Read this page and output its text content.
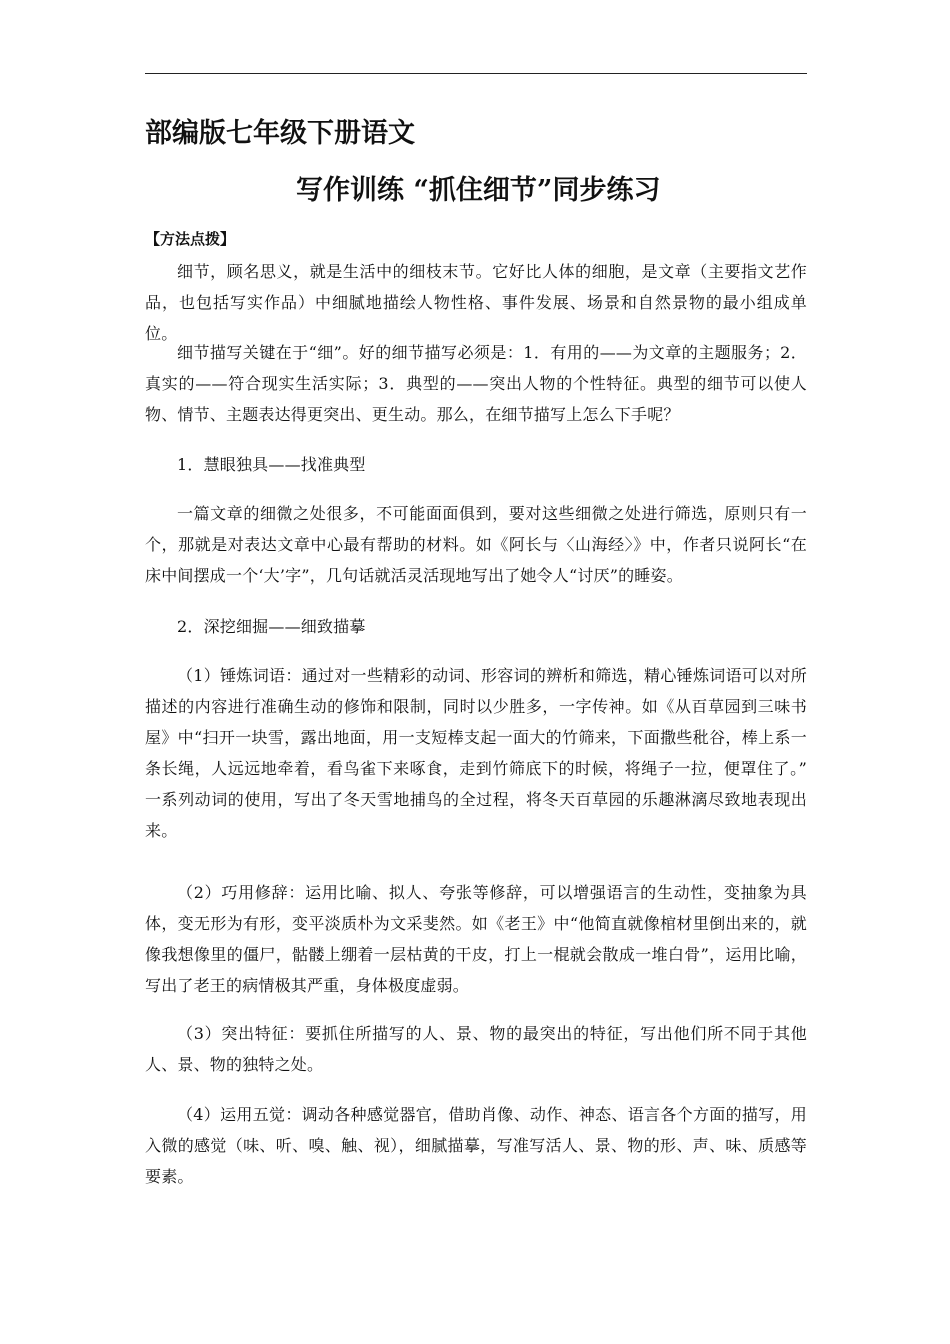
部编版七年级下册语文
写作训练 “抓住细节”同步练习
【方法点拨】

细节，顾名思义，就是生活中的细枝末节。它好比人体的细胞，是文章（主要指文艺作品，也包括写实作品）中细腻地描绘人物性格、事件发展、场景和自然景物的最小组成单位。

细节描写关键在于“细”。好的细节描写必须是：1．有用的——为文章的主题服务；2．真实的——符合现实生活实际；3．典型的——突出人物的个性特征。典型的细节可以使人物、情节、主题表达得更突出、更生动。那么，在细节描写上怎么下手呢？

1．慧眼独具——找准典型

一篇文章的细微之处很多，不可能面面俱到，要对这些细微之处进行筛选，原则只有一个，那就是对表达文章中心最有帮助的材料。如《阿长与〈山海经〉》中，作者只说阿长“在床中间摆成一个‘大’字”，几句话就活灵活现地写出了她令人“讨厌”的睡姿。

2．深挖细掘——细致描摹

（1）锤炼词语：通过对一些精彩的动词、形容词的辨析和筛选，精心锤炼词语可以对所描述的内容进行准确生动的修饰和限制，同时以少胜多，一字传神。如《从百草园到三味书屋》中“扫开一块雪，露出地面，用一支短棒支起一面大的竹筛来，下面撒些秕谷，棒上系一条长绳，人远远地牵着，看鸟雀下来啄食，走到竹筛底下的时候，将绳子一拉，便罩住了。” 一系列动词的使用，写出了冬天雪地捕鸟的全过程，将冬天百草园的乐趣淋漓尽致地表现出来。

（2）巧用修辞：运用比喻、拟人、夸张等修辞，可以增强语言的生动性，变抽象为具体，变无形为有形，变平淡质朴为文采斐然。如《老王》中“他简直就像棺材里倒出来的，就像我想像里的僵尸，骷髅上绷着一层枯黄的干皮，打上一棍就会散成一堆白骨”，运用比喻，写出了老王的病情极其严重，身体极度虚弱。

（3）突出特征：要抓住所描写的人、景、物的最突出的特征，写出他们所不同于其他人、景、物的独特之处。

（4）运用五觉：调动各种感觉器官，借助肖像、动作、神态、语言各个方面的描写，用入微的感觉（味、听、嗅、触、视），细腻描摹，写准写活人、景、物的形、声、味、质感等要素。
